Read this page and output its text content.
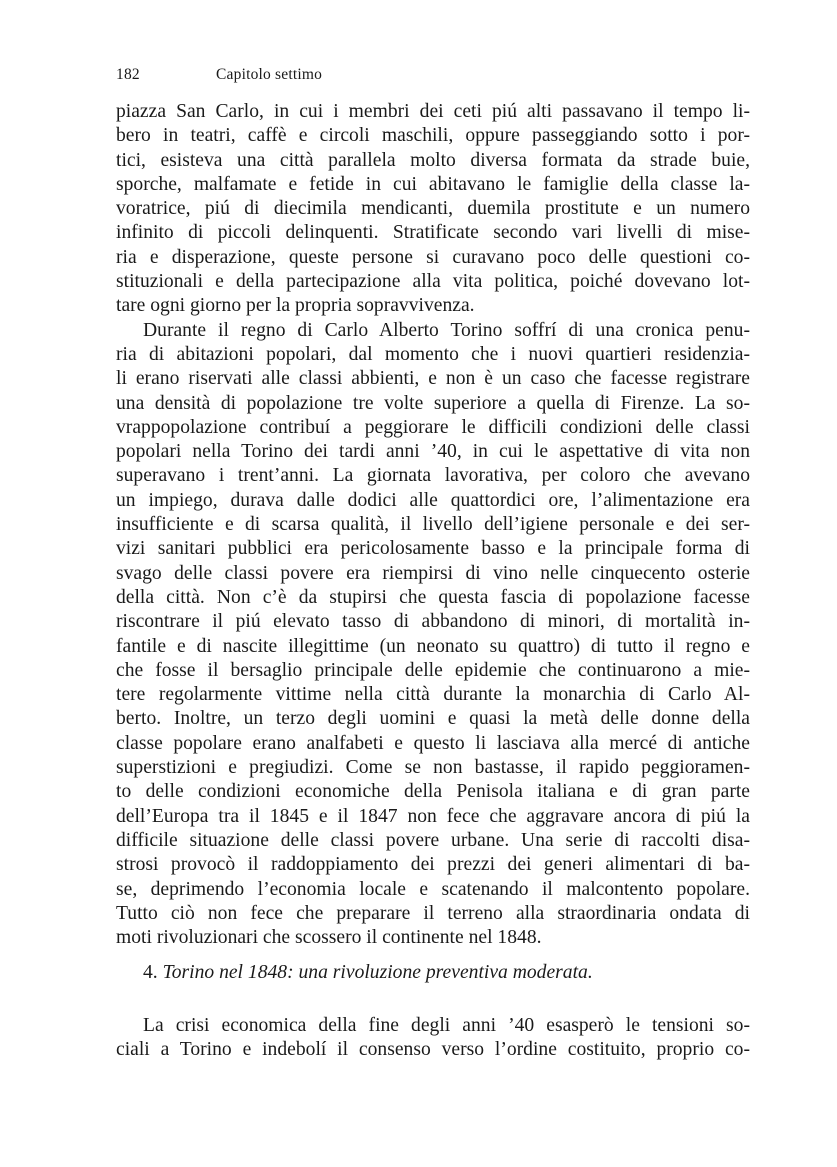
182	Capitolo settimo
piazza San Carlo, in cui i membri dei ceti piú alti passavano il tempo li-
bero in teatri, caffè e circoli maschili, oppure passeggiando sotto i por-
tici, esisteva una città parallela molto diversa formata da strade buie,
sporche, malfamate e fetide in cui abitavano le famiglie della classe la-
voratrice, piú di diecimila mendicanti, duemila prostitute e un numero
infinito di piccoli delinquenti. Stratificate secondo vari livelli di mise-
ria e disperazione, queste persone si curavano poco delle questioni co-
stituzionali e della partecipazione alla vita politica, poiché dovevano lot-
tare ogni giorno per la propria sopravvivenza.
Durante il regno di Carlo Alberto Torino soffrí di una cronica penu-
ria di abitazioni popolari, dal momento che i nuovi quartieri residenzia-
li erano riservati alle classi abbienti, e non è un caso che facesse registrare
una densità di popolazione tre volte superiore a quella di Firenze. La so-
vrappopolazione contribuí a peggiorare le difficili condizioni delle classi
popolari nella Torino dei tardi anni ’40, in cui le aspettative di vita non
superavano i trent’anni. La giornata lavorativa, per coloro che avevano
un impiego, durava dalle dodici alle quattordici ore, l’alimentazione era
insufficiente e di scarsa qualità, il livello dell’igiene personale e dei ser-
vizi sanitari pubblici era pericolosamente basso e la principale forma di
svago delle classi povere era riempirsi di vino nelle cinquecento osterie
della città. Non c’è da stupirsi che questa fascia di popolazione facesse
riscontrare il piú elevato tasso di abbandono di minori, di mortalità in-
fantile e di nascite illegittime (un neonato su quattro) di tutto il regno e
che fosse il bersaglio principale delle epidemie che continuarono a mie-
tere regolarmente vittime nella città durante la monarchia di Carlo Al-
berto. Inoltre, un terzo degli uomini e quasi la metà delle donne della
classe popolare erano analfabeti e questo li lasciava alla mercé di antiche
superstizioni e pregiudizi. Come se non bastasse, il rapido peggioramen-
to delle condizioni economiche della Penisola italiana e di gran parte
dell’Europa tra il 1845 e il 1847 non fece che aggravare ancora di piú la
difficile situazione delle classi povere urbane. Una serie di raccolti disa-
strosi provocò il raddoppiamento dei prezzi dei generi alimentari di ba-
se, deprimendo l’economia locale e scatenando il malcontento popolare.
Tutto ciò non fece che preparare il terreno alla straordinaria ondata di
moti rivoluzionari che scossero il continente nel 1848.
4. Torino nel 1848: una rivoluzione preventiva moderata.
La crisi economica della fine degli anni ’40 esasperò le tensioni so-
ciali a Torino e indebolí il consenso verso l’ordine costituito, proprio co-
